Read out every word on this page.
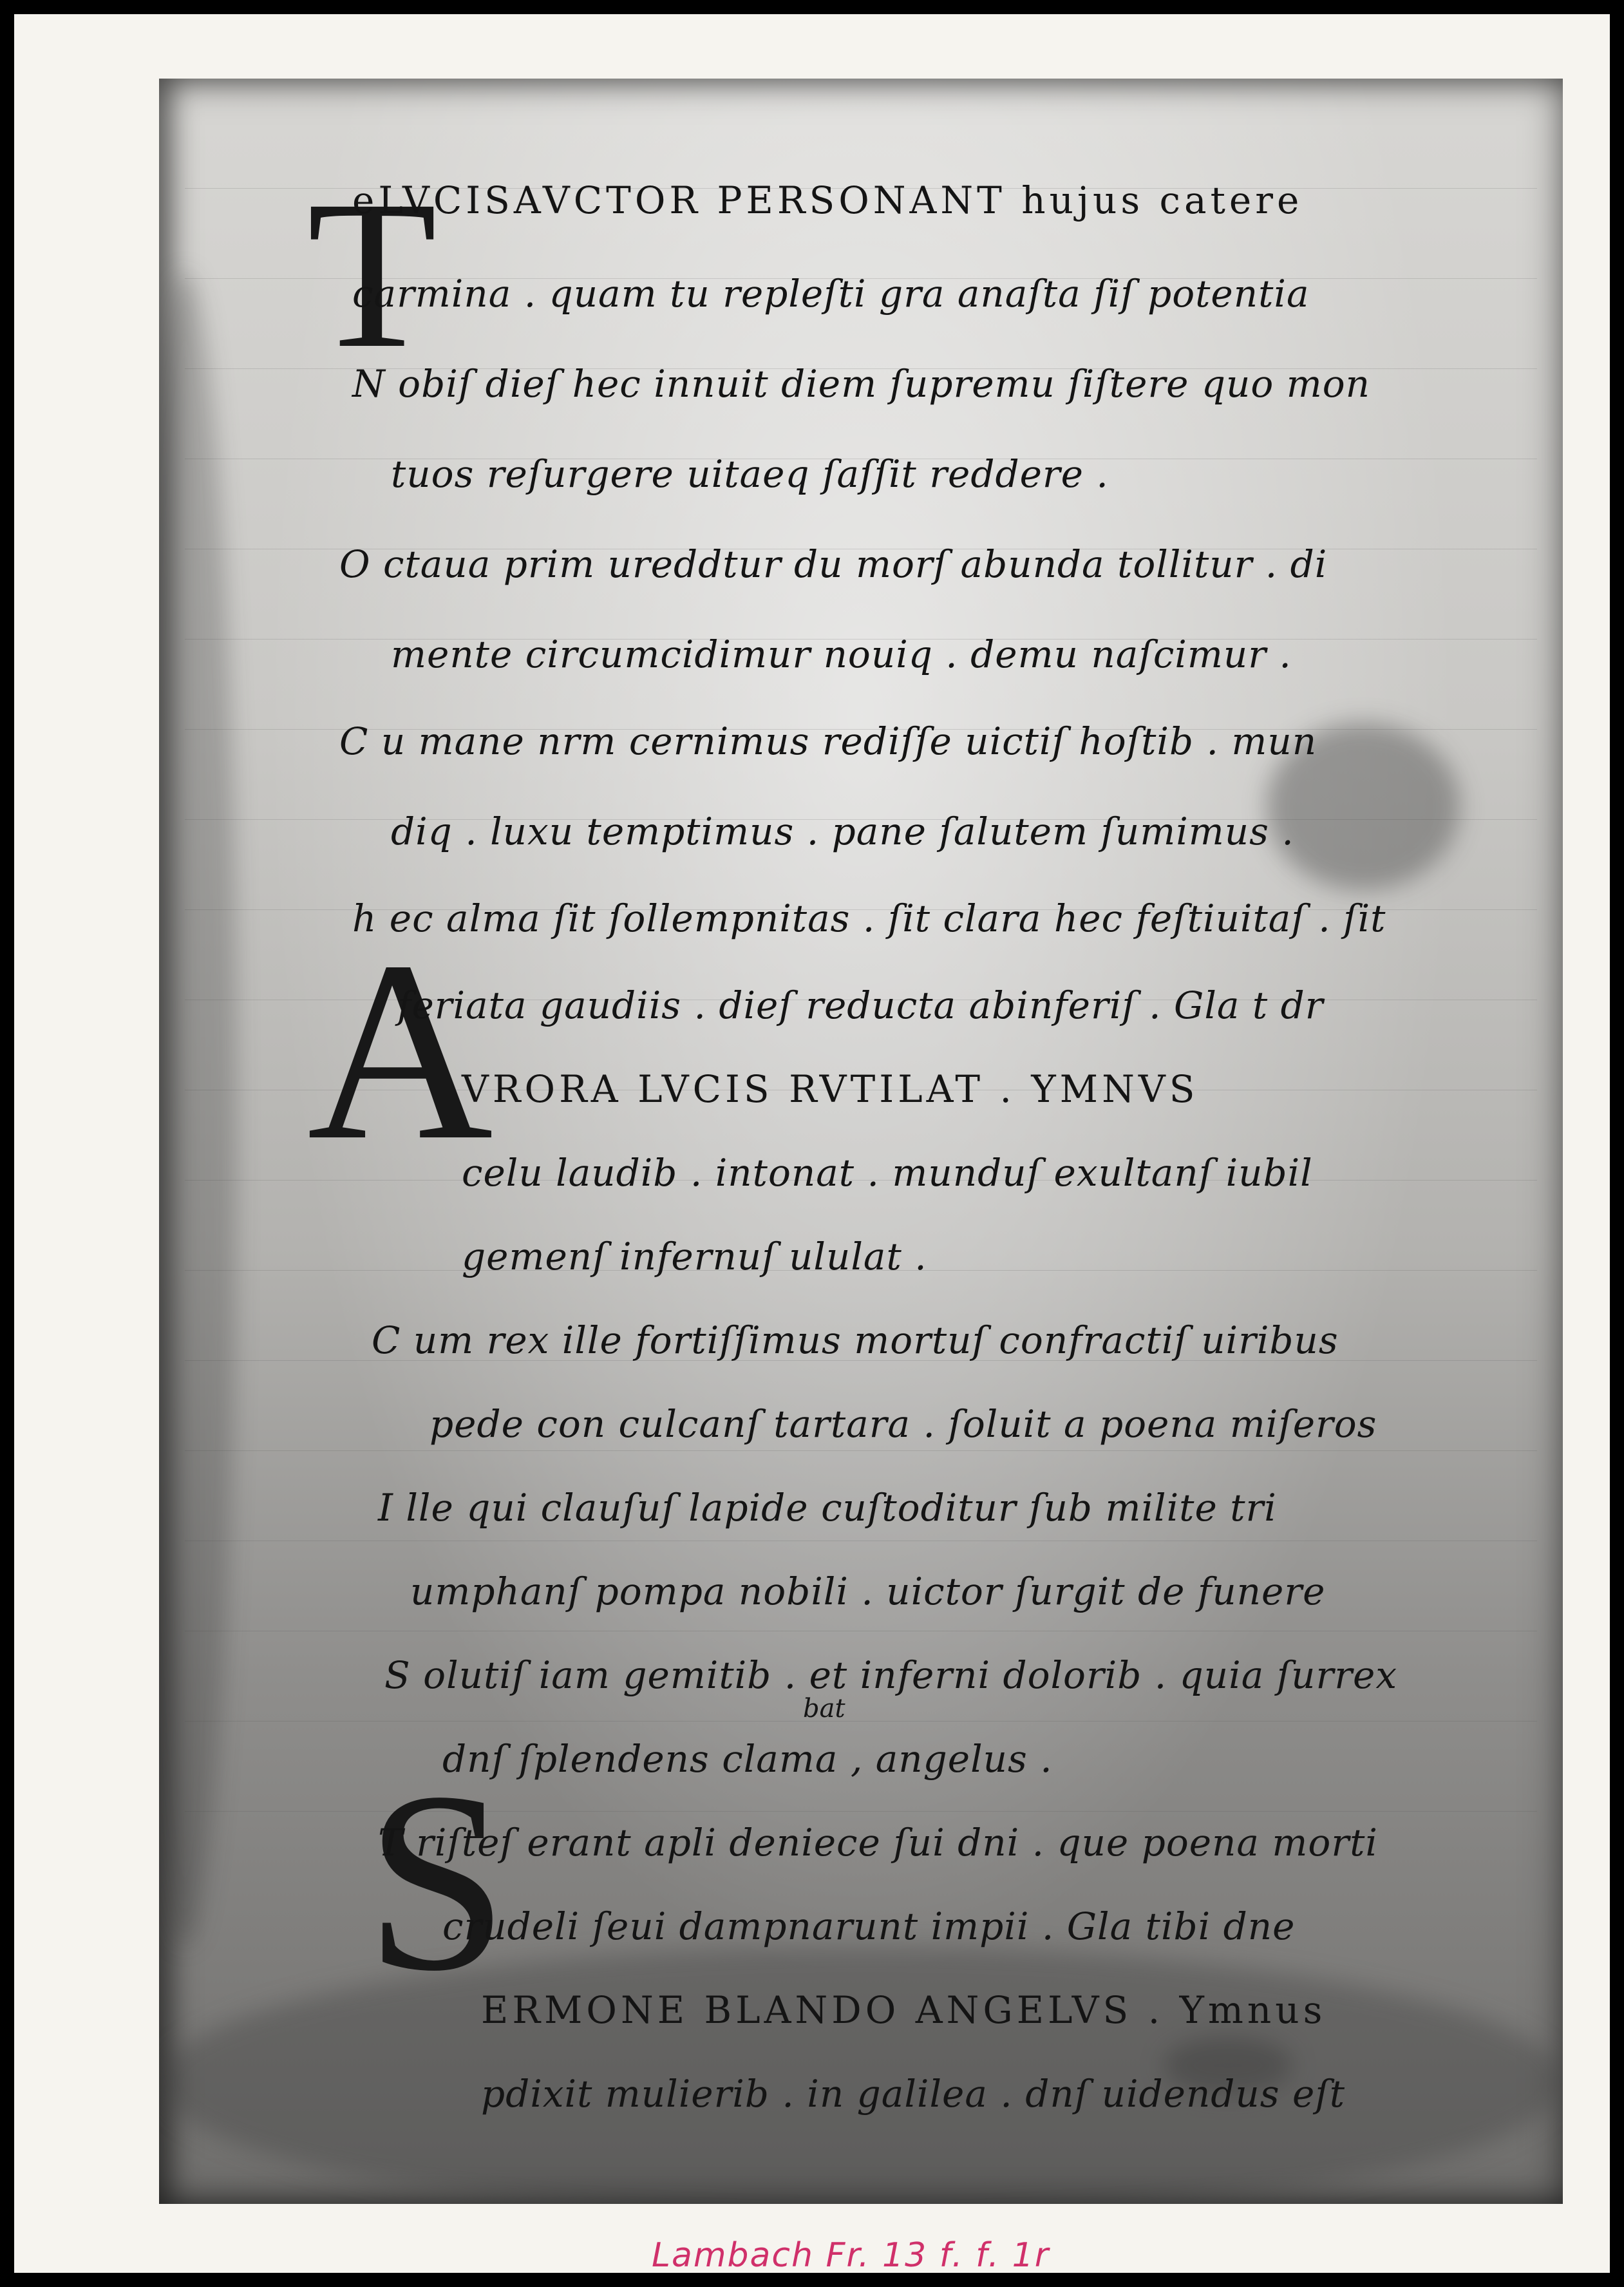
T
A
S
eLVCISAVCTOR PERSONANT hujus catere
carmina . quam tu repleſti gra anaſta ſiſ potentia
N obiſ dieſ hec innuit diem ſupremu ſiſtere quo mon
tuos reſurgere uitaeq ſaſſit reddere .
O ctaua prim ureddtur du morſ abunda tollitur . di
mente circumcidimur nouiq . demu naſcimur .
C u mane nrm cernimus rediſſe uictiſ hoſtib . mun
diq . luxu temptimus . pane ſalutem ſumimus .
h ec alma ſit ſollempnitas . ſit clara hec feſtiuitaſ . ſit
feriata gaudiis . dieſ reducta abinferiſ . Gla t dr
VRORA LVCIS RVTILAT . YMNVS
celu laudib . intonat . munduſ exultanſ iubil
gemenſ infernuſ ululat .
C um rex ille fortiſſimus mortuſ confractiſ uiribus
pede con culcanſ tartara . ſoluit a poena miſeros
I lle qui clauſuſ lapide cuſtoditur ſub milite tri
umphanſ pompa nobili . uictor ſurgit de funere
S olutiſ iam gemitib . et inferni dolorib . quia ſurrex
bat
dnſ ſplendens clama , angelus .
T riſteſ erant apli deniece ſui dni . que poena morti
crudeli ſeui dampnarunt impii . Gla tibi dne
ERMONE BLANDO ANGELVS . Ymnus
pdixit mulierib . in galilea . dnſ uidendus eſt
Lambach Fr. 13 f. f. 1r
